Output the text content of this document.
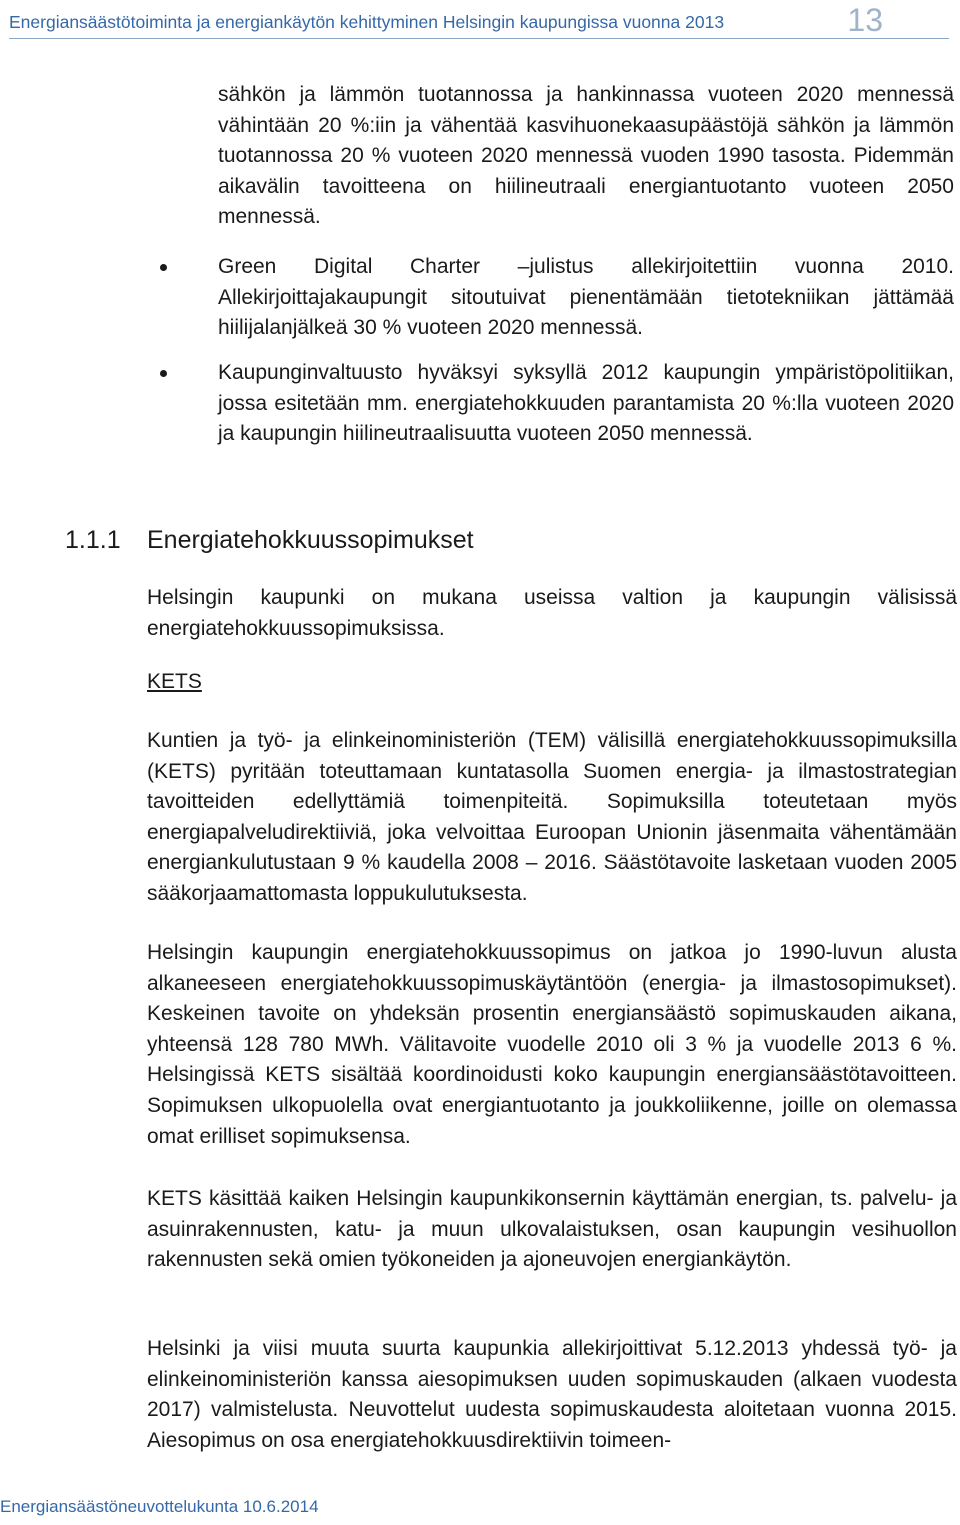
Energiansäästötoiminta ja energiankäytön kehittyminen Helsingin kaupungissa vuonna 2013	13

sähkön ja lämmön tuotannossa ja hankinnassa vuoteen 2020 mennessä vähintään 20 %:iin ja vähentää kasvihuonekaasupäästöjä sähkön ja lämmön tuotannossa 20 % vuoteen 2020 mennessä vuoden 1990 tasosta. Pidemmän aikavälin tavoitteena on hiilineutraali energiantuotanto vuoteen 2050 mennessä.

Green Digital Charter –julistus allekirjoitettiin vuonna 2010. Allekirjoittajakaupungit sitoutuivat pienentämään tietotekniikan jättämää hiilijalanjälkeä 30 % vuoteen 2020 mennessä.
Kaupunginvaltuusto hyväksyi syksyllä 2012 kaupungin ympäristöpolitiikan, jossa esitetään mm. energiatehokkuuden parantamista 20 %:lla vuoteen 2020 ja kaupungin hiilineutraalisuutta vuoteen 2050 mennessä.
1.1.1 Energiatehokkuussopimukset

Helsingin kaupunki on mukana useissa valtion ja kaupungin välisissä energiatehokkuussopimuksissa.

KETS

Kuntien ja työ- ja elinkeinoministeriön (TEM) välisillä energiatehokkuussopimuksilla (KETS) pyritään toteuttamaan kuntatasolla Suomen energia- ja ilmastostrategian tavoitteiden edellyttämiä toimenpiteitä. Sopimuksilla toteutetaan myös energiapalveludirektiiviä, joka velvoittaa Euroopan Unionin jäsenmaita vähentämään energiankulutustaan 9 % kaudella 2008 – 2016. Säästötavoite lasketaan vuoden 2005 sääkorjaamattomasta loppukulutuksesta.

Helsingin kaupungin energiatehokkuussopimus on jatkoa jo 1990-luvun alusta alkaneeseen energiatehokkuussopimuskäytäntöön (energia- ja ilmastosopimukset). Keskeinen tavoite on yhdeksän prosentin energiansäästö sopimuskauden aikana, yhteensä 128 780 MWh. Välitavoite vuodelle 2010 oli 3 % ja vuodelle 2013 6 %. Helsingissä KETS sisältää koordinoidusti koko kaupungin energiansäästötavoitteen. Sopimuksen ulkopuolella ovat energiantuotanto ja joukkoliikenne, joille on olemassa omat erilliset sopimuksensa.

KETS käsittää kaiken Helsingin kaupunkikonsernin käyttämän energian, ts. palvelu- ja asuinrakennusten, katu- ja muun ulkovalaistuksen, osan kaupungin vesihuollon rakennusten sekä omien työkoneiden ja ajoneuvojen energiankäytön.

Helsinki ja viisi muuta suurta kaupunkia allekirjoittivat 5.12.2013 yhdessä työ- ja elinkeinoministeriön kanssa aiesopimuksen uuden sopimuskauden (alkaen vuodesta 2017) valmistelusta. Neuvottelut uudesta sopimuskaudesta aloitetaan vuonna 2015. Aiesopimus on osa energiatehokkuusdirektiivin toimeen-

Energiansäästöneuvottelukunta 10.6.2014
